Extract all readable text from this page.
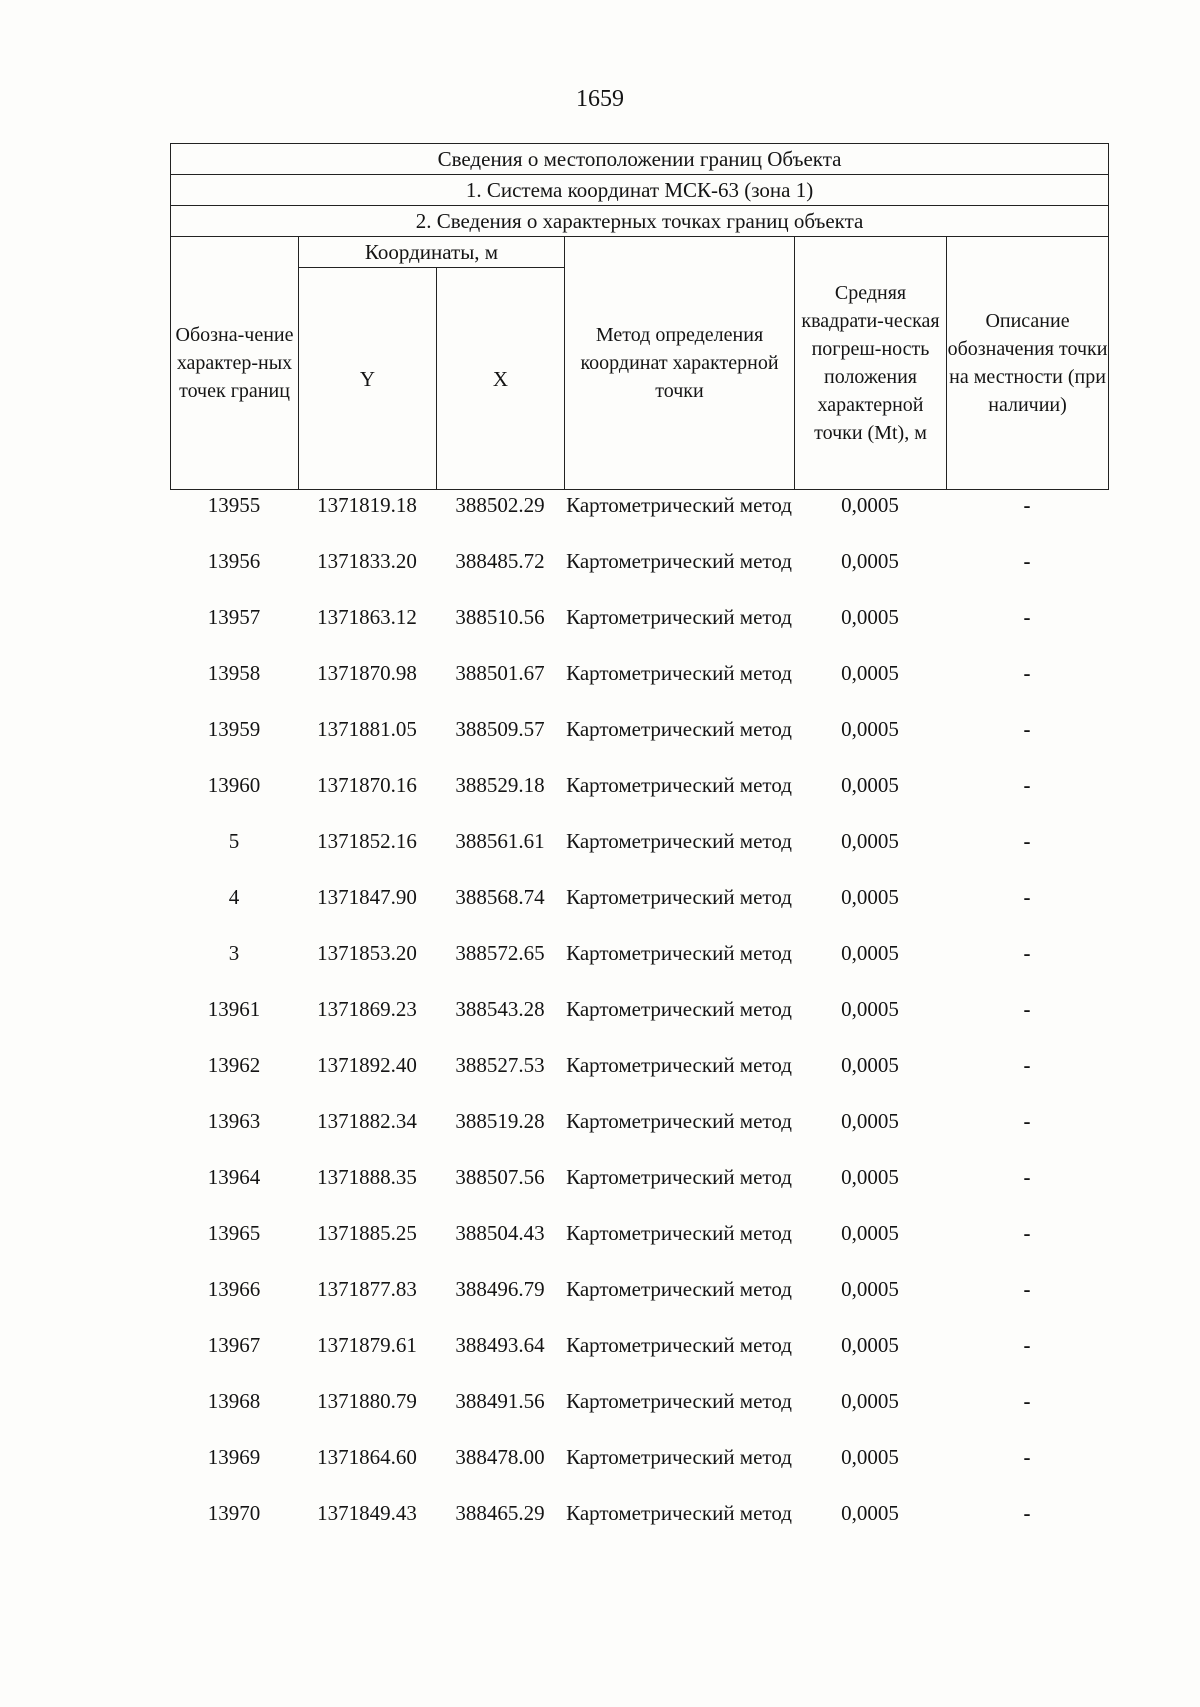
1659
Сведения о местоположении границ Объекта					
1. Система координат МСК-63 (зона 1)					
2. Сведения о характерных точках границ объекта					
Обозна-чение характер-ных точек границ	Координаты, м		Метод определения координат характерной точки	Средняя квадрати-ческая погреш-ность положения характерной точки (Mt), м	Описание обозначения точки на местности (при наличии)
	Y	X			
13955	1371819.18	388502.29	Картометрический метод	0,0005	-
13956	1371833.20	388485.72	Картометрический метод	0,0005	-
13957	1371863.12	388510.56	Картометрический метод	0,0005	-
13958	1371870.98	388501.67	Картометрический метод	0,0005	-
13959	1371881.05	388509.57	Картометрический метод	0,0005	-
13960	1371870.16	388529.18	Картометрический метод	0,0005	-
5	1371852.16	388561.61	Картометрический метод	0,0005	-
4	1371847.90	388568.74	Картометрический метод	0,0005	-
3	1371853.20	388572.65	Картометрический метод	0,0005	-
13961	1371869.23	388543.28	Картометрический метод	0,0005	-
13962	1371892.40	388527.53	Картометрический метод	0,0005	-
13963	1371882.34	388519.28	Картометрический метод	0,0005	-
13964	1371888.35	388507.56	Картометрический метод	0,0005	-
13965	1371885.25	388504.43	Картометрический метод	0,0005	-
13966	1371877.83	388496.79	Картометрический метод	0,0005	-
13967	1371879.61	388493.64	Картометрический метод	0,0005	-
13968	1371880.79	388491.56	Картометрический метод	0,0005	-
13969	1371864.60	388478.00	Картометрический метод	0,0005	-
13970	1371849.43	388465.29	Картометрический метод	0,0005	-
